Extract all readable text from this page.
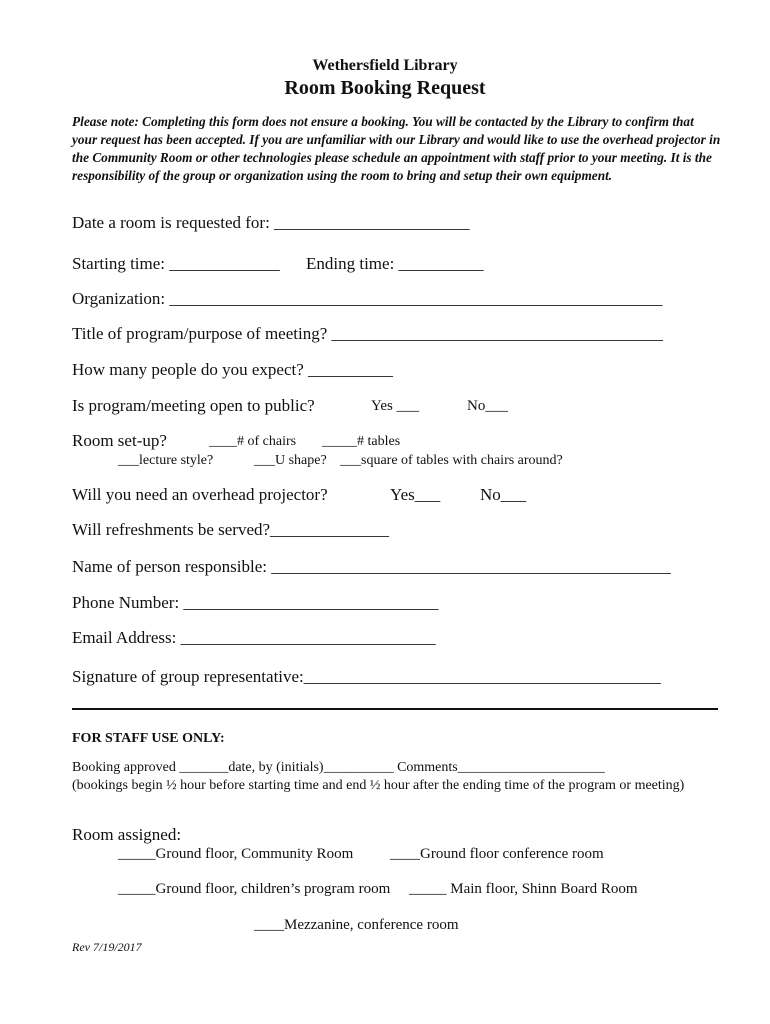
Wethersfield Library
Room Booking Request
Please note: Completing this form does not ensure a booking. You will be contacted by the Library to confirm that your request has been accepted. If you are unfamiliar with our Library and would like to use the overhead projector in the Community Room or other technologies please schedule an appointment with staff prior to your meeting. It is the responsibility of the group or organization using the room to bring and setup their own equipment.
Date a room is requested for: _______________________
Starting time: _____________ Ending time: __________
Organization: __________________________________________________________
Title of program/purpose of meeting? _______________________________________
How many people do you expect? __________
Is program/meeting open to public?	Yes ___	No___
Room set-up?	____# of chairs _____# tables
___lecture style?	___U shape? ___square of tables with chairs around?
Will you need an overhead projector?	Yes___ No___
Will refreshments be served?______________
Name of person responsible: _______________________________________________
Phone Number: ______________________________
Email Address: ______________________________
Signature of group representative:__________________________________________
FOR STAFF USE ONLY:
Booking approved _______date, by (initials)__________ Comments_____________________
(bookings begin ½ hour before starting time and end ½ hour after the ending time of the program or meeting)
Room assigned:
_____Ground floor, Community Room ____Ground floor conference room
_____Ground floor, children’s program room _____ Main floor, Shinn Board Room
____Mezzanine, conference room
Rev 7/19/2017
